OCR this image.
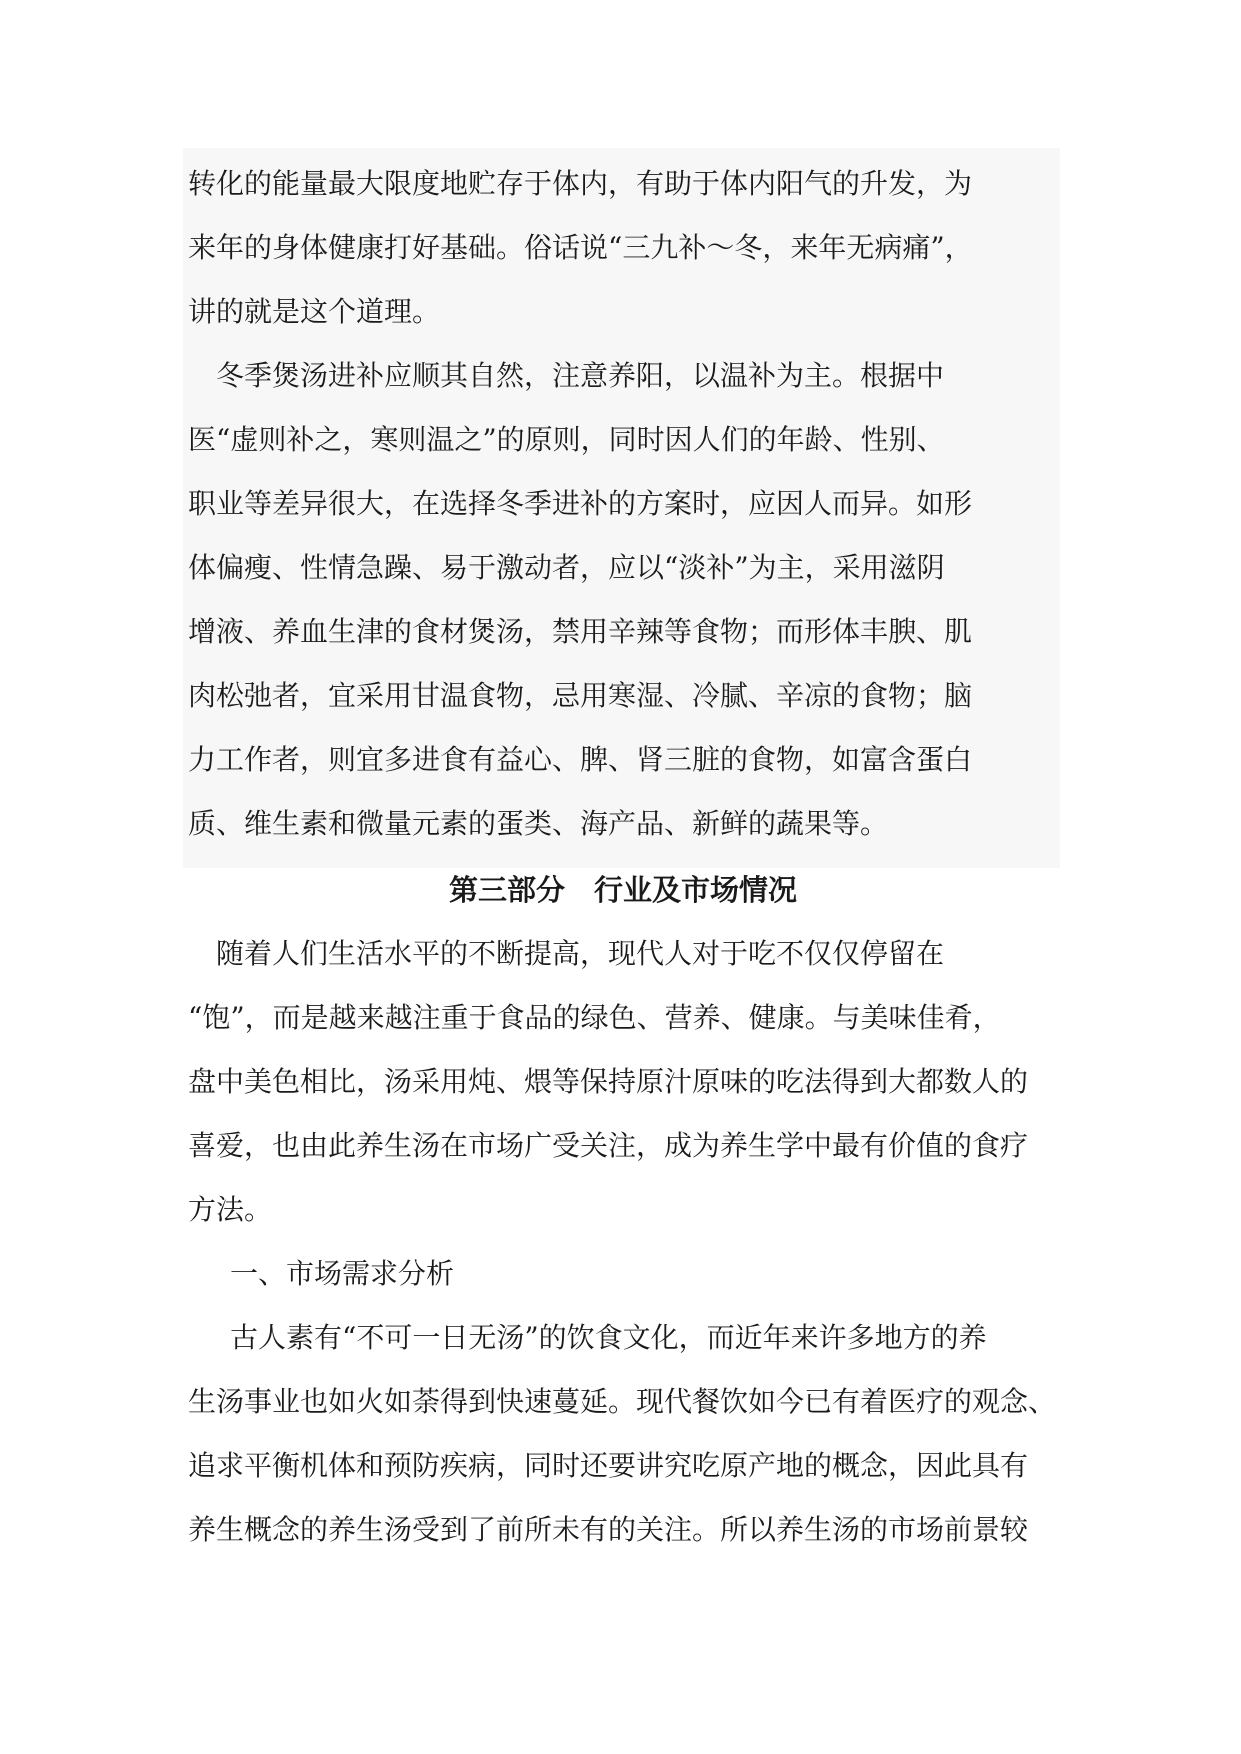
转化的能量最大限度地贮存于体内，有助于体内阳气的升发，为
来年的身体健康打好基础。俗话说“三九补～冬，来年无病痛”，
讲的就是这个道理。
　冬季煲汤进补应顺其自然，注意养阳，以温补为主。根据中
医“虚则补之，寒则温之”的原则，同时因人们的年龄、性别、
职业等差异很大，在选择冬季进补的方案时，应因人而异。如形
体偏瘦、性情急躁、易于激动者，应以“淡补”为主，采用滋阴
增液、养血生津的食材煲汤，禁用辛辣等食物；而形体丰腴、肌
肉松弛者，宜采用甘温食物，忌用寒湿、冷腻、辛凉的食物；脑
力工作者，则宜多进食有益心、脾、肾三脏的食物，如富含蛋白
质、维生素和微量元素的蛋类、海产品、新鲜的蔬果等。
第三部分　行业及市场情况
　随着人们生活水平的不断提高，现代人对于吃不仅仅停留在
“饱”，而是越来越注重于食品的绿色、营养、健康。与美味佳肴，
盘中美色相比，汤采用炖、煨等保持原汁原味的吃法得到大都数人的
喜爱，也由此养生汤在市场广受关注，成为养生学中最有价值的食疗
方法。
一、市场需求分析
古人素有“不可一日无汤”的饮食文化，而近年来许多地方的养
生汤事业也如火如荼得到快速蔓延。现代餐饮如今已有着医疗的观念、
追求平衡机体和预防疾病，同时还要讲究吃原产地的概念，因此具有
养生概念的养生汤受到了前所未有的关注。所以养生汤的市场前景较
